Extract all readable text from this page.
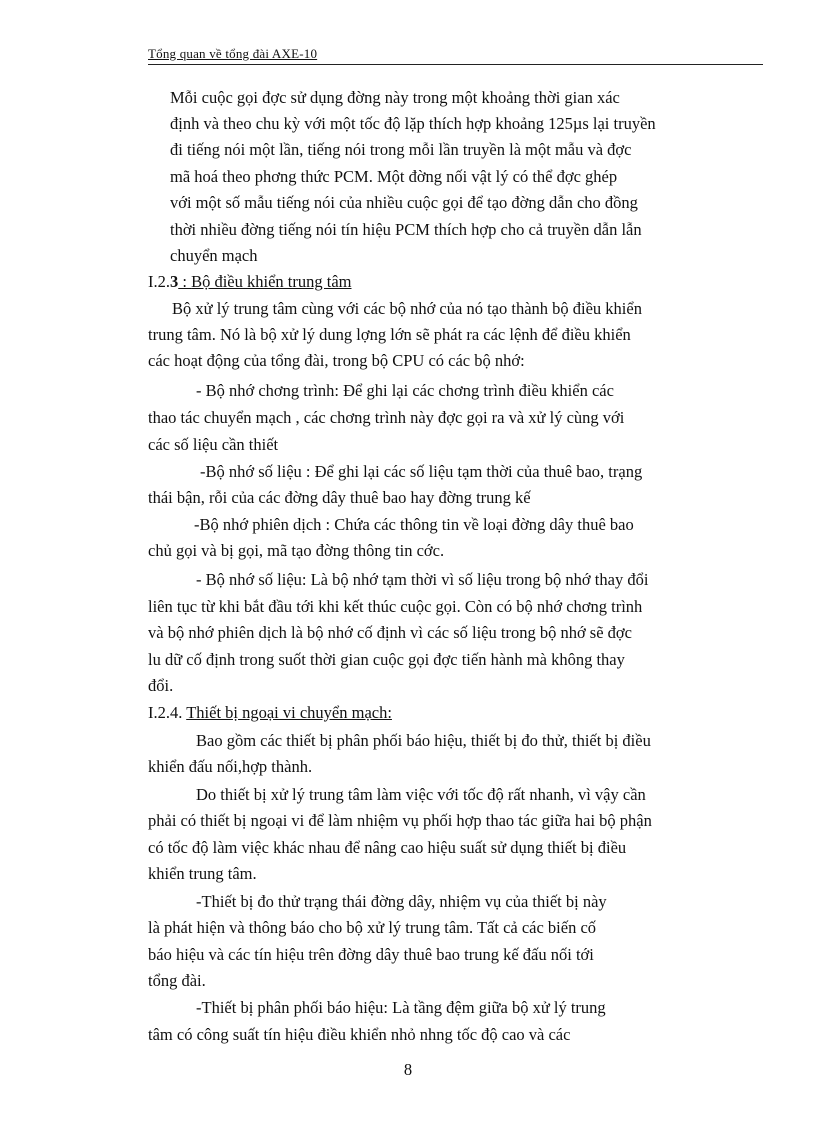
Tổng quan về tổng đài AXE-10
Mỗi cuộc gọi đợc sử dụng đờng này trong một khoảng thời gian xác
định và theo chu kỳ với một tốc độ lặp thích hợp khoảng 125µs lại truyền
đi tiếng nói một lần, tiếng nói trong mỗi lần truyền là một mẫu và đợc
mã hoá theo phơng thức PCM. Một đờng nối vật lý có thể đợc ghép
với một số mẫu tiếng nói của nhiều cuộc gọi để tạo đờng dẫn cho đồng
thời nhiều đờng tiếng nói tín hiệu PCM thích hợp cho cả truyền dẫn lẫn
chuyển mạch
I.2.3 : Bộ điều khiển trung tâm
Bộ xử lý trung tâm cùng với các bộ nhớ của nó tạo thành bộ điều khiển
trung tâm. Nó là bộ xử lý dung lợng lớn sẽ phát ra các lệnh để điều khiển
các hoạt động của tổng đài, trong bộ CPU có các bộ nhớ:
- Bộ nhớ chơng trình: Để ghi lại các chơng trình điều khiển các
thao tác chuyển mạch , các chơng trình này đợc gọi ra và xử lý cùng với
các số liệu cần thiết
-Bộ nhớ số liệu : Để ghi lại các số liệu tạm thời của thuê bao, trạng
thái bận, rỗi của các đờng dây thuê bao hay đờng trung kế
-Bộ nhớ phiên dịch : Chứa các thông tin về loại đờng dây thuê bao
chủ gọi và bị gọi, mã tạo đờng thông tin cớc.
- Bộ nhớ số liệu: Là bộ nhớ tạm thời vì số liệu trong bộ nhớ thay đổi
liên tục từ khi bắt đầu tới khi kết thúc cuộc gọi. Còn có bộ nhớ chơng trình
và bộ nhớ phiên dịch là bộ nhớ cố định vì các số liệu trong bộ nhớ sẽ đợc
lu dữ cố định trong suốt thời gian cuộc gọi đợc tiến hành mà không thay
đổi.
I.2.4. Thiết bị ngoại vi chuyển mạch:
Bao gồm các thiết bị phân phối báo hiệu, thiết bị đo thử, thiết bị điều
khiển đấu nối,hợp thành.
Do thiết bị xử lý trung tâm làm việc với tốc độ rất nhanh, vì vậy cần
phải có thiết bị ngoại vi để làm nhiệm vụ phối hợp thao tác giữa hai bộ phận
có tốc độ làm việc khác nhau để nâng cao hiệu suất sử dụng thiết bị điều
khiển trung tâm.
-Thiết bị đo thử trạng thái đờng dây, nhiệm vụ của thiết bị này
là phát hiện và thông báo cho bộ xử lý trung tâm. Tất cả các biến cố
báo hiệu và các tín hiệu trên đờng dây thuê bao trung kế đấu nối tới
tổng đài.
-Thiết bị phân phối báo hiệu: Là tầng đệm giữa bộ xử lý trung
tâm có công suất tín hiệu điều khiển nhỏ nhng tốc độ cao và các
8
